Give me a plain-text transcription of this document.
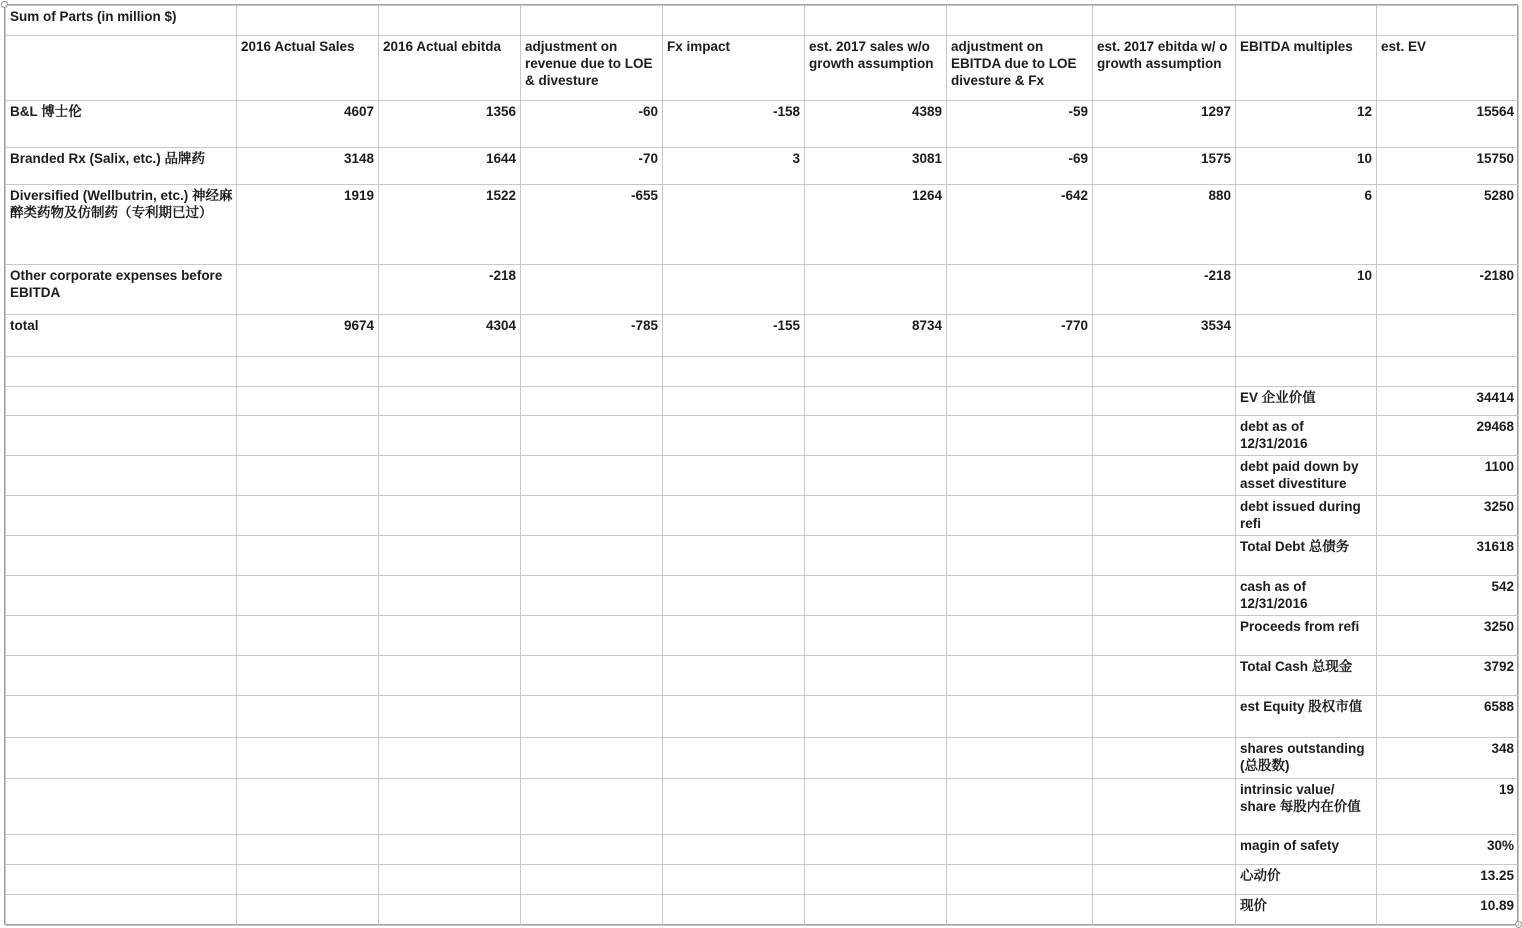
Sum of Parts (in million $)									
	2016 Actual Sales	2016 Actual ebitda	adjustment on revenue due to LOE & divesture	Fx impact	est. 2017 sales w/o growth assumption	adjustment on EBITDA due to LOE divesture & Fx	est. 2017 ebitda w/ o growth assumption	EBITDA multiples	est. EV
B&L 博士伦	4607	1356	-60	-158	4389	-59	1297	12	15564
Branded Rx (Salix, etc.) 品牌药	3148	1644	-70	3	3081	-69	1575	10	15750
Diversified (Wellbutrin, etc.) 神经麻醉类药物及仿制药（专利期已过）	1919	1522	-655		1264	-642	880	6	5280
Other corporate expenses before EBITDA		-218					-218	10	-2180
total	9674	4304	-785	-155	8734	-770	3534		

								EV 企业价值	34414
								debt as of 12/31/2016	29468
								debt paid down by asset divestiture	1100
								debt issued during refi	3250
								Total Debt 总债务	31618
								cash as of 12/31/2016	542
								Proceeds from refi	3250
								Total Cash 总现金	3792
								est Equity 股权市值	6588
								shares outstanding (总股数)	348
								intrinsic value/ share 每股内在价值	19
								magin of safety	30%
								心动价	13.25
								现价	10.89
